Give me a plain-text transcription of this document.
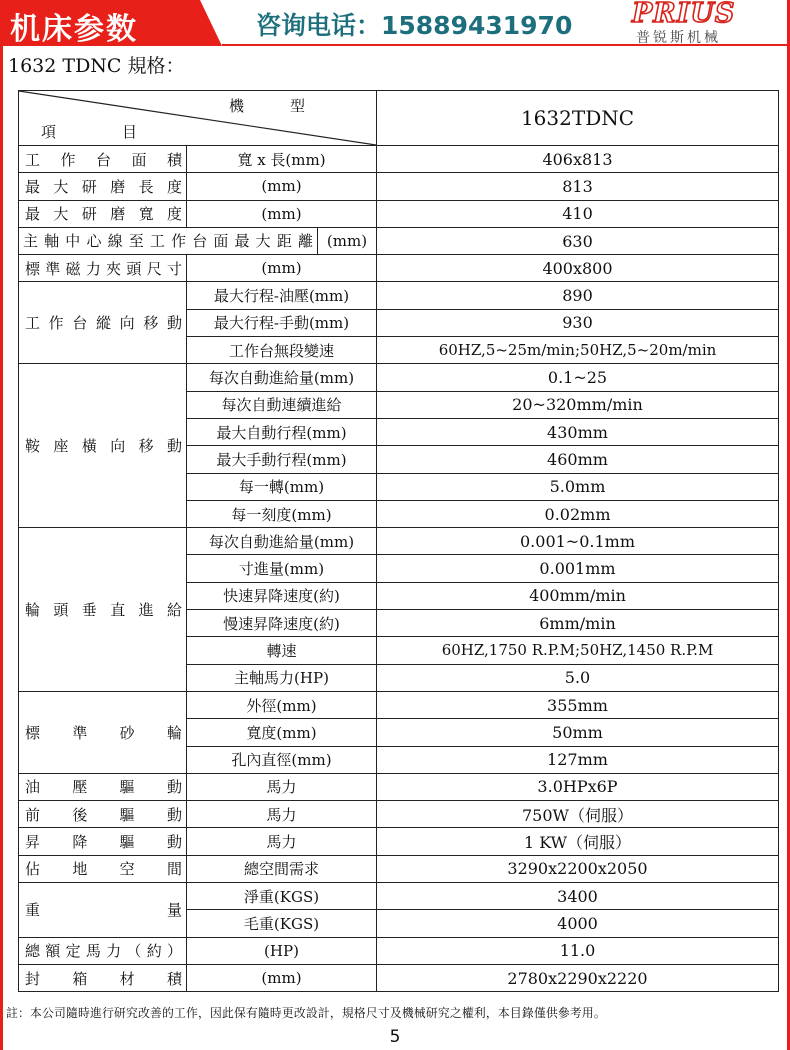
机床参数	咨询电话：15889431970 PRIUS
普锐斯机械
1632 TDNC 規格：
機型
項目		1632TDNC
工作台面積	寬 x 長(mm)	406x813
最大研磨長度	(mm)	813
最大研磨寬度	(mm)	410

主軸中心線至工作台面最大距離 (mm)		630
標準磁力夾頭尺寸	(mm)	400x800
工作台縱向移動	最大行程-油壓(mm)	890
	最大行程-手動(mm)	930
	工作台無段變速	60HZ,5~25m/min;50HZ,5~20m/min
鞍座橫向移動	每次自動進給量(mm)	0.1~25
	每次自動連續進給	20~320mm/min
	最大自動行程(mm)	430mm
	最大手動行程(mm)	460mm
	每一轉(mm)	5.0mm
	每一刻度(mm)	0.02mm
輪頭垂直進給	每次自動進給量(mm)	0.001~0.1mm
	寸進量(mm)	0.001mm
	快速昇降速度(約)	400mm/min
	慢速昇降速度(約)	6mm/min
	轉速	60HZ,1750 R.P.M;50HZ,1450 R.P.M
	主軸馬力(HP)	5.0
標準砂輪	外徑(mm)	355mm
	寬度(mm)	50mm
	孔內直徑(mm)	127mm
油壓驅動	馬力	3.0HPx6P
前後驅動	馬力	750W（伺服）
昇降驅動	馬力	1 KW（伺服）
佔地空間	總空間需求	3290x2200x2050
重量	淨重(KGS)	3400
	毛重(KGS)	4000
總額定馬力（約）	(HP)	11.0
封箱材積	(mm)	2780x2290x2220
註：本公司隨時進行研究改善的工作，因此保有隨時更改設計，規格尺寸及機械研究之權利，本目錄僅供參考用。
5
